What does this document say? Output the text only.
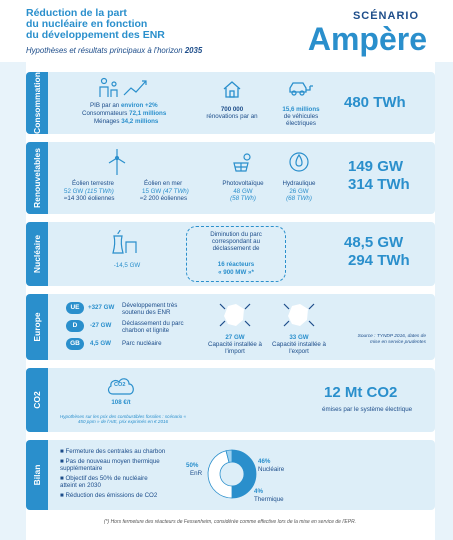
Réduction de la part
du nucléaire en fonction
du développement des ENR
Hypothèses et résultats principaux à l'horizon 2035
SCÉNARIO
Ampère
Consommation	PIB par an environ +2%
Consommateurs 72,1 millions
Ménages 34,2 millions
700 000
rénovations par an
15,6 millions
de véhicules électriques
480 TWh
Renouvelables	Éolien terrestre
52 GW (115 TWh)
≈14 300 éoliennes
Éolien en mer
15 GW (47 TWh)
≈2 200 éoliennes
Photovoltaïque
48 GW
(58 TWh)
Hydraulique
26 GW
(68 TWh)
149 GW
314 TWh
Nucléaire	-14,5 GW
Diminution du parc correspondant au déclassement de
16 réacteurs
« 900 MW »*
48,5 GW
294 TWh
Europe
UE	+327 GW Développement très soutenu des ENR
D	-27 GW Déclassement du parc charbon et lignite
GB	4,5 GW Parc nucléaire
27 GW
Capacité installée à l'import
33 GW
Capacité installée à l'export
Source : TYNDP 2016, dates de mise en service prudentes
CO2
CO2
108 €/t
Hypothèses sur les prix des combustibles fossiles : scénario « 450 ppm » de l'AIE, prix exprimés en € 2016
12 Mt CO2
émises par le système électrique
Bilan
■ Fermeture des centrales au charbon
■ Pas de nouveau moyen thermique supplémentaire
■ Objectif des 50% de nucléaire atteint en 2030
■ Réduction des émissions de CO2
50%
EnR
46%
Nucléaire
4%
Thermique
(*) Hors fermeture des réacteurs de Fessenheim, considérée comme effective lors de la mise en service de l'EPR.
